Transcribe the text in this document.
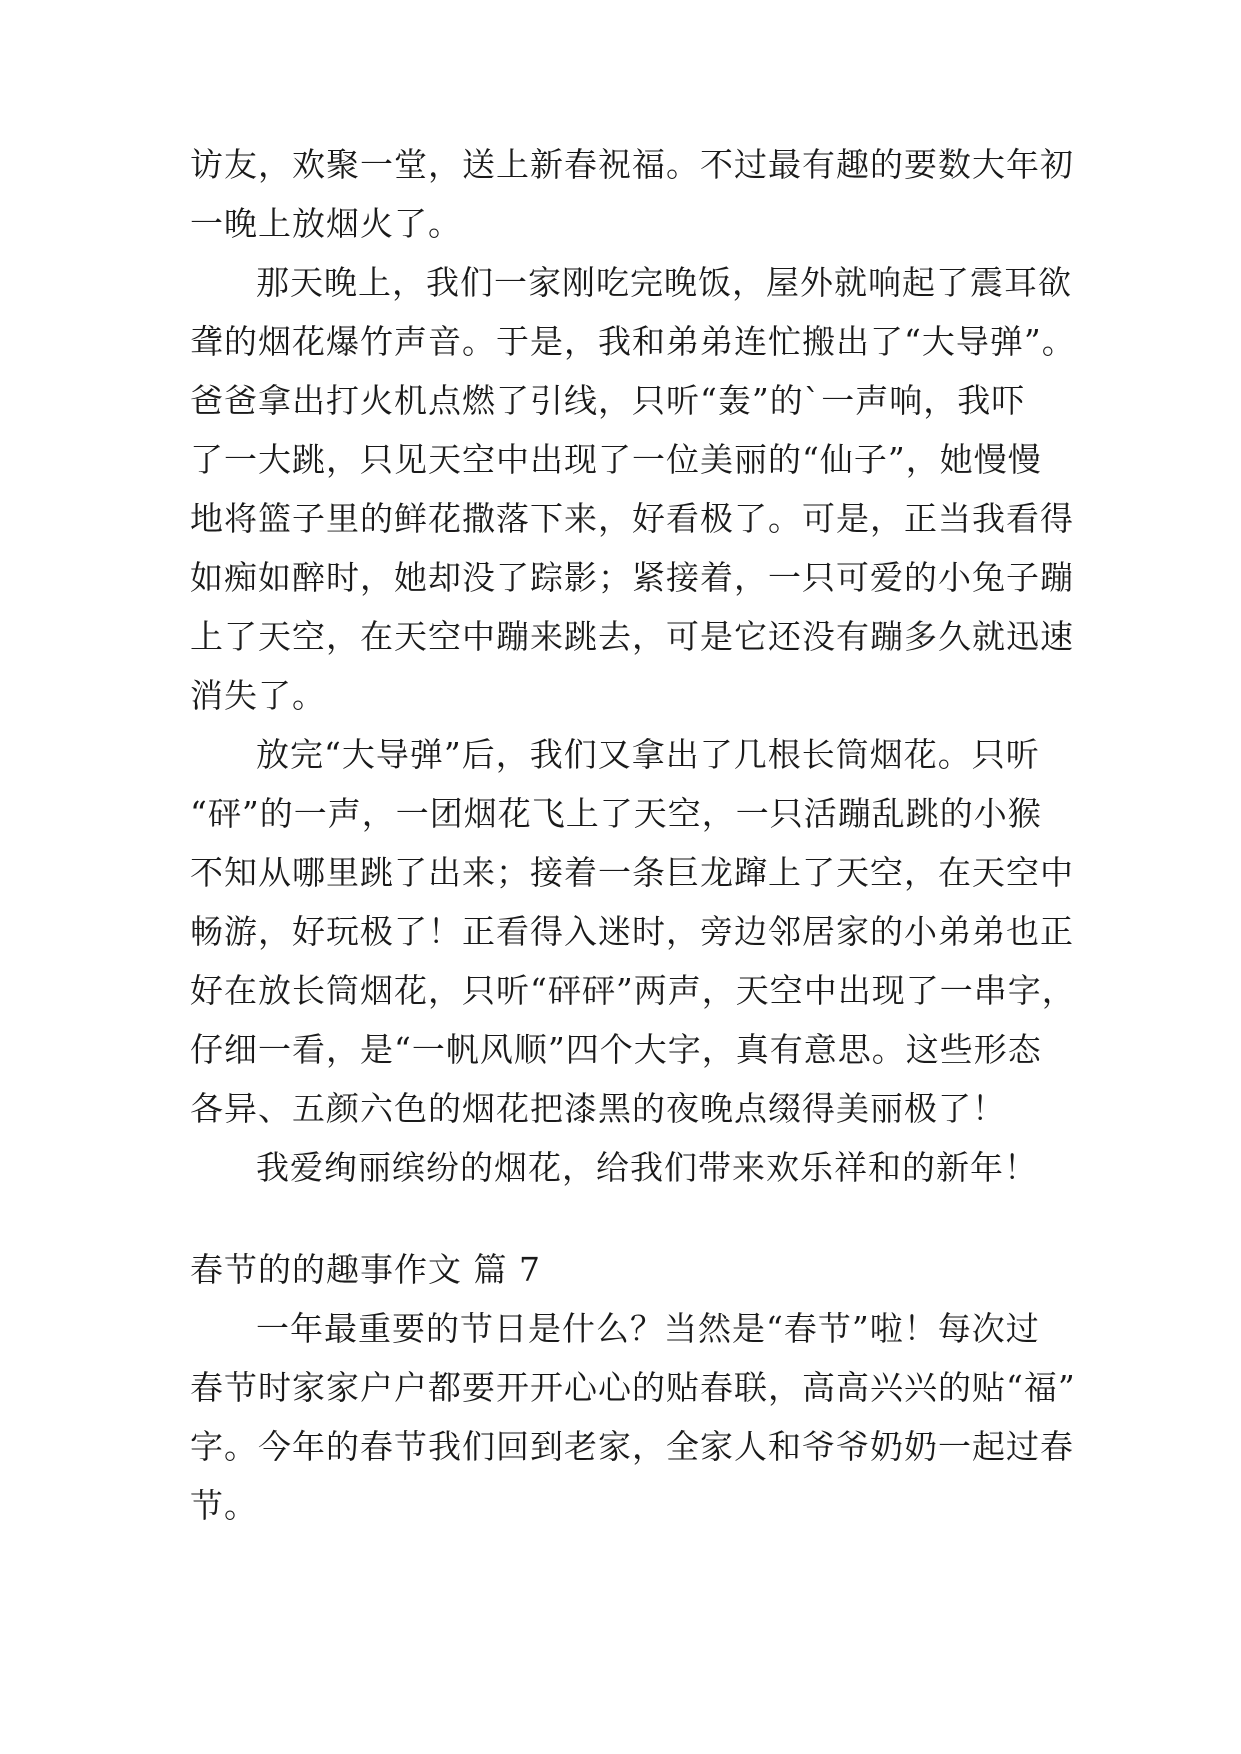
访友，欢聚一堂，送上新春祝福。不过最有趣的要数大年初
一晚上放烟火了。
那天晚上，我们一家刚吃完晚饭，屋外就响起了震耳欲
聋的烟花爆竹声音。于是，我和弟弟连忙搬出了“大导弹”。
爸爸拿出打火机点燃了引线，只听“轰”的`一声响，我吓
了一大跳，只见天空中出现了一位美丽的“仙子”，她慢慢
地将篮子里的鲜花撒落下来，好看极了。可是，正当我看得
如痴如醉时，她却没了踪影；紧接着，一只可爱的小兔子蹦
上了天空，在天空中蹦来跳去，可是它还没有蹦多久就迅速
消失了。
放完“大导弹”后，我们又拿出了几根长筒烟花。只听
“砰”的一声，一团烟花飞上了天空，一只活蹦乱跳的小猴
不知从哪里跳了出来；接着一条巨龙蹿上了天空，在天空中
畅游，好玩极了！正看得入迷时，旁边邻居家的小弟弟也正
好在放长筒烟花，只听“砰砰”两声，天空中出现了一串字，
仔细一看，是“一帆风顺”四个大字，真有意思。这些形态
各异、五颜六色的烟花把漆黑的夜晚点缀得美丽极了！
我爱绚丽缤纷的烟花，给我们带来欢乐祥和的新年！
春节的的趣事作文 篇 7
一年最重要的节日是什么？当然是“春节”啦！每次过
春节时家家户户都要开开心心的贴春联，高高兴兴的贴“福”
字。今年的春节我们回到老家，全家人和爷爷奶奶一起过春
节。
